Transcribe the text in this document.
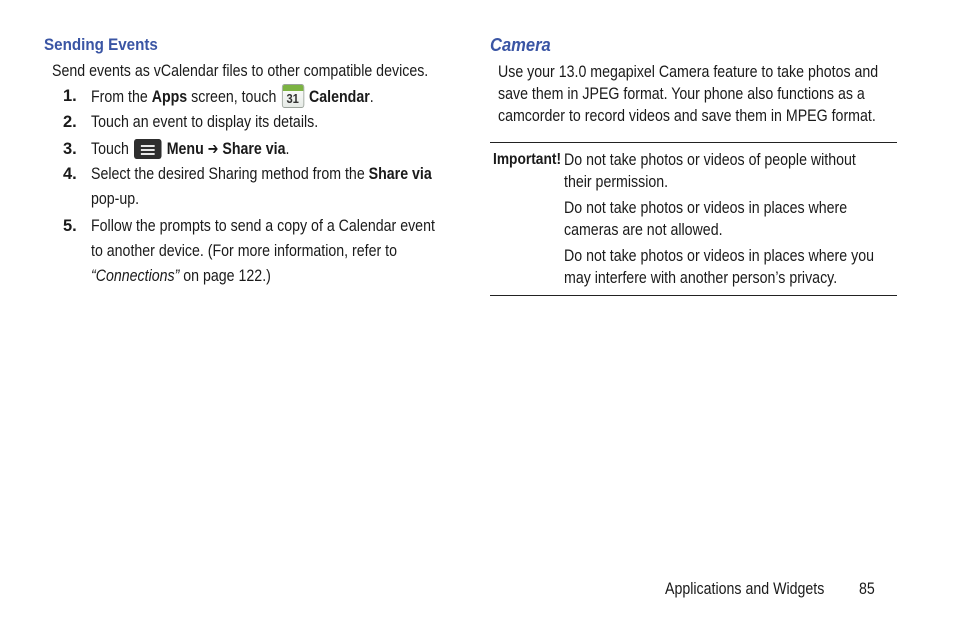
Sending Events

Send events as vCalendar files to other compatible devices.

1. From the Apps screen, touch 31 Calendar.
2. Touch an event to display its details.
3. Touch Menu ➔ Share via.
4. Select the desired Sharing method from the Share via
pop-up.
5. Follow the prompts to send a copy of a Calendar event
to another device. (For more information, refer to
“Connections” on page 122.)
Camera

Use your 13.0 megapixel Camera feature to take photos and
save them in JPEG format. Your phone also functions as a
camcorder to record videos and save them in MPEG format.

Important! Do not take photos or videos of people without
their permission.

Do not take photos or videos in places where
cameras are not allowed.

Do not take photos or videos in places where you
may interfere with another person’s privacy.

Applications and Widgets 85
